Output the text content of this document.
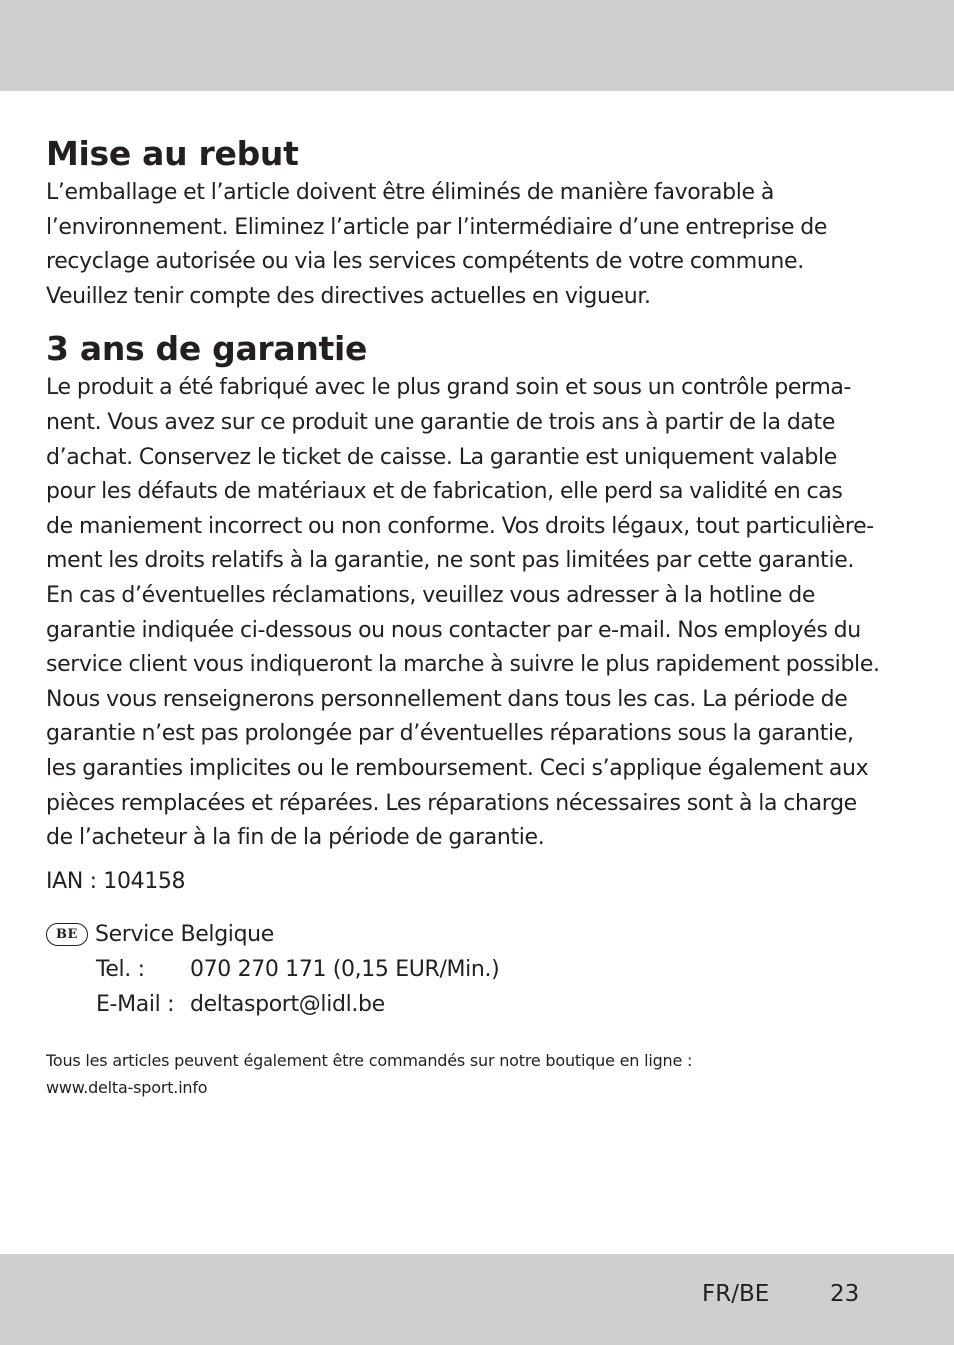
Mise au rebut

L’emballage et l’article doivent être éliminés de manière favorable à
l’environnement. Eliminez l’article par l’intermédiaire d’une entreprise de
recyclage autorisée ou via les services compétents de votre commune.
Veuillez tenir compte des directives actuelles en vigueur.

3 ans de garantie

Le produit a été fabriqué avec le plus grand soin et sous un contrôle perma-
nent. Vous avez sur ce produit une garantie de trois ans à partir de la date
d’achat. Conservez le ticket de caisse. La garantie est uniquement valable
pour les défauts de matériaux et de fabrication, elle perd sa validité en cas
de maniement incorrect ou non conforme. Vos droits légaux, tout particulière-
ment les droits relatifs à la garantie, ne sont pas limitées par cette garantie.
En cas d’éventuelles réclamations, veuillez vous adresser à la hotline de
garantie indiquée ci-dessous ou nous contacter par e-mail. Nos employés du
service client vous indiqueront la marche à suivre le plus rapidement possible.
Nous vous renseignerons personnellement dans tous les cas. La période de
garantie n’est pas prolongée par d’éventuelles réparations sous la garantie,
les garanties implicites ou le remboursement. Ceci s’applique également aux
pièces remplacées et réparées. Les réparations nécessaires sont à la charge
de l’acheteur à la fin de la période de garantie.

IAN : 104158
BE Service Belgique
Tel. :	070 270 171 (0,15 EUR/Min.)
E-Mail : deltasport@lidl.be
Tous les articles peuvent également être commandés sur notre boutique en ligne :
www.delta-sport.info
FR/BE	23
